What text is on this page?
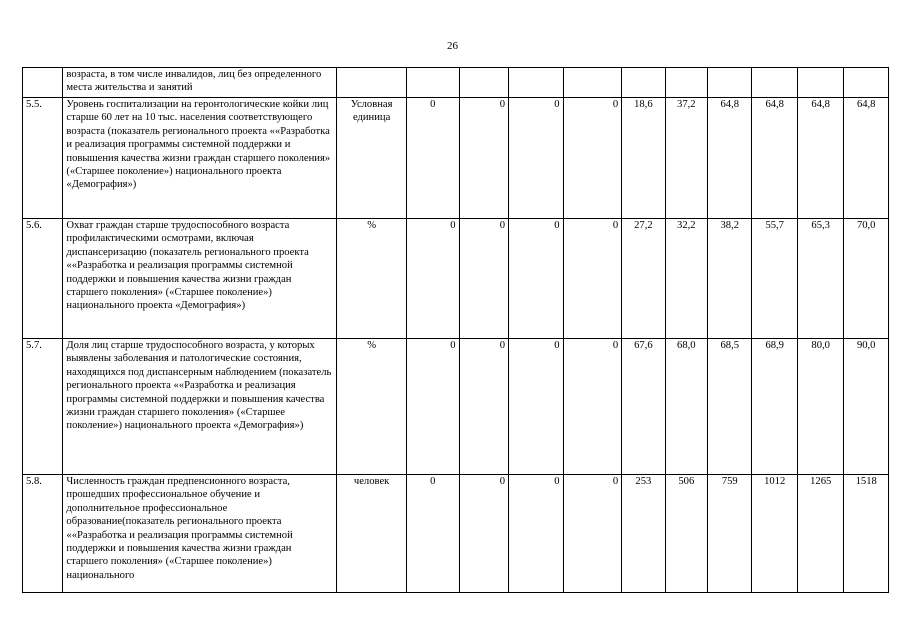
26
	возраста, в том числе инвалидов, лиц без определенного места жительства и занятий											
5.5.	Уровень госпитализации на геронтологические койки лиц старше 60 лет на 10 тыс. населения соответствующего возраста (показатель регионального проекта ««Разработка и реализация программы системной поддержки и повышения качества жизни граждан старшего поколения» («Старшее поколение») национального проекта «Демография»)	Условная единица	0	0	0	0	18,6	37,2	64,8	64,8	64,8	64,8
5.6.	Охват граждан старше трудоспособного возраста профилактическими осмотрами, включая диспансеризацию (показатель регионального проекта ««Разработка и реализация программы системной поддержки и повышения качества жизни граждан старшего поколения» («Старшее поколение») национального проекта «Демография»)	%	0	0	0	0	27,2	32,2	38,2	55,7	65,3	70,0
5.7.	Доля лиц старше трудоспособного возраста, у которых выявлены заболевания и патологические состояния, находящихся под диспансерным наблюдением (показатель регионального проекта ««Разработка и реализация программы системной поддержки и повышения качества жизни граждан старшего поколения» («Старшее поколение») национального проекта «Демография»)	%	0	0	0	0	67,6	68,0	68,5	68,9	80,0	90,0
5.8.	Численность граждан предпенсионного возраста, прошедших профессиональное обучение и дополнительное профессиональное образование(показатель регионального проекта ««Разработка и реализация программы системной поддержки и повышения качества жизни граждан старшего поколения» («Старшее поколение») национального	человек	0	0	0	0	253	506	759	1012	1265	1518
